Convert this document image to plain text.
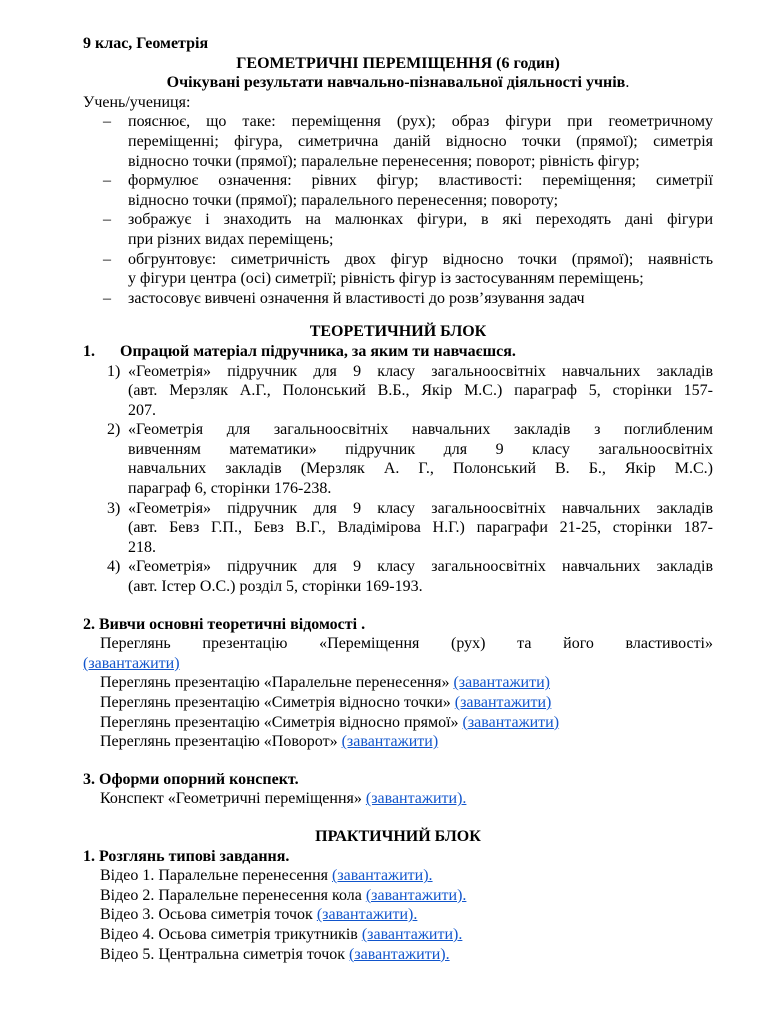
9 клас, Геометрія
ГЕОМЕТРИЧНІ ПЕРЕМІЩЕННЯ (6 годин)
Очікувані результати навчально-пізнавальної діяльності учнів.
Учень/учениця:
–	пояснює, що таке: переміщення (рух); образ фігури при геометричному
переміщенні; фігура, симетрична даній відносно точки (прямої); симетрія
відносно точки (прямої); паралельне перенесення; поворот; рівність фігур;
–	формулює означення: рівних фігур; властивості: переміщення; симетрії
відносно точки (прямої); паралельного перенесення; повороту;
–	зображує і знаходить на малюнках фігури, в які переходять дані фігури
при різних видах переміщень;
–	обгрунтовує: симетричність двох фігур відносно точки (прямої); наявність
у фігури центра (осі) симетрії; рівність фігур із застосуванням переміщень;
–	застосовує вивчені означення й властивості до розв’язування задач
ТЕОРЕТИЧНИЙ БЛОК
1. Опрацюй матеріал підручника, за яким ти навчаєшся.
1) «Геометрія» підручник для 9 класу загальноосвітніх навчальних закладів
(авт. Мерзляк А.Г., Полонський В.Б., Якір М.С.) параграф 5, сторінки 157-
207.
2) «Геометрія для загальноосвітніх навчальних закладів з поглибленим
вивченням математики» підручник для 9 класу загальноосвітніх
навчальних закладів (Мерзляк А. Г., Полонський В. Б., Якір М.С.)
параграф 6, сторінки 176-238.
3) «Геометрія» підручник для 9 класу загальноосвітніх навчальних закладів
(авт. Бевз Г.П., Бевз В.Г., Владімірова Н.Г.) параграфи 21-25, сторінки 187-
218.
4) «Геометрія» підручник для 9 класу загальноосвітніх навчальних закладів
(авт. Істер О.С.) розділ 5, сторінки 169-193.
2. Вивчи основні теоретичні відомості .
Переглянь презентацію «Переміщення (рух) та його властивості»
(завантажити)
Переглянь презентацію «Паралельне перенесення» (завантажити)
Переглянь презентацію «Симетрія відносно точки» (завантажити)
Переглянь презентацію «Симетрія відносно прямої» (завантажити)
Переглянь презентацію «Поворот» (завантажити)
3. Оформи опорний конспект.
Конспект «Геометричні переміщення» (завантажити).
ПРАКТИЧНИЙ БЛОК
1. Розглянь типові завдання.
Відео 1. Паралельне перенесення (завантажити).
Відео 2. Паралельне перенесення кола (завантажити).
Відео 3. Осьова симетрія точок (завантажити).
Відео 4. Осьова симетрія трикутників (завантажити).
Відео 5. Центральна симетрія точок (завантажити).
